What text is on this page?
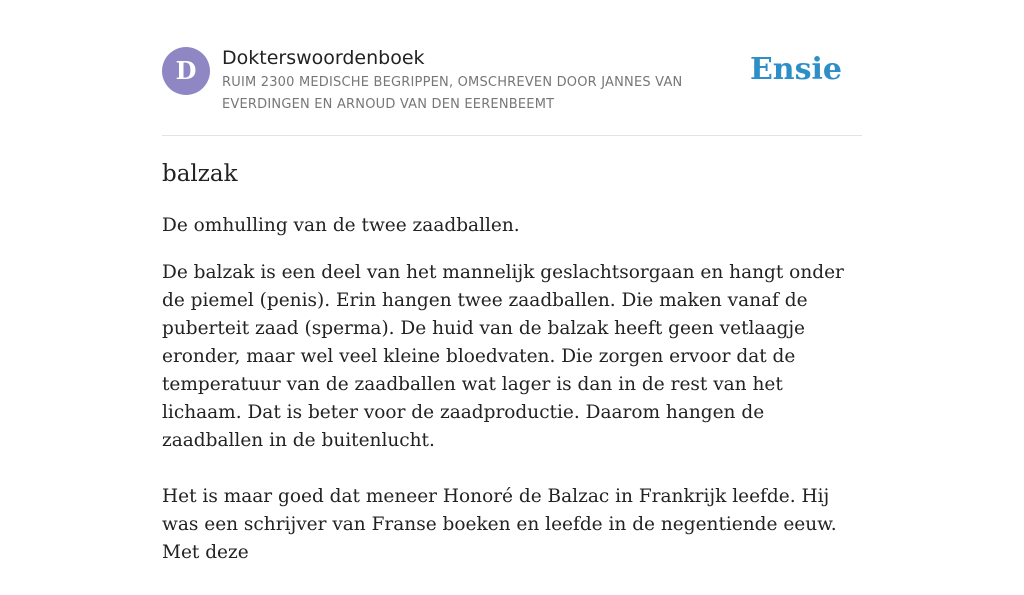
D	Dokterswoordenboek
RUIM 2300 MEDISCHE BEGRIPPEN, OMSCHREVEN DOOR JANNES VAN EVERDINGEN EN ARNOUD VAN DEN EERENBEEMT
Ensie
balzak

De omhulling van de twee zaadballen.

De balzak is een deel van het mannelijk geslachtsorgaan en hangt onder de piemel (penis). Erin hangen twee zaadballen. Die maken vanaf de puberteit zaad (sperma). De huid van de balzak heeft geen vetlaagje eronder, maar wel veel kleine bloedvaten. Die zorgen ervoor dat de temperatuur van de zaadballen wat lager is dan in de rest van het lichaam. Dat is beter voor de zaadproductie. Daarom hangen de zaadballen in de buitenlucht.

Het is maar goed dat meneer Honoré de Balzac in Frankrijk leefde. Hij was een schrijver van Franse boeken en leefde in de negentiende eeuw. Met deze
